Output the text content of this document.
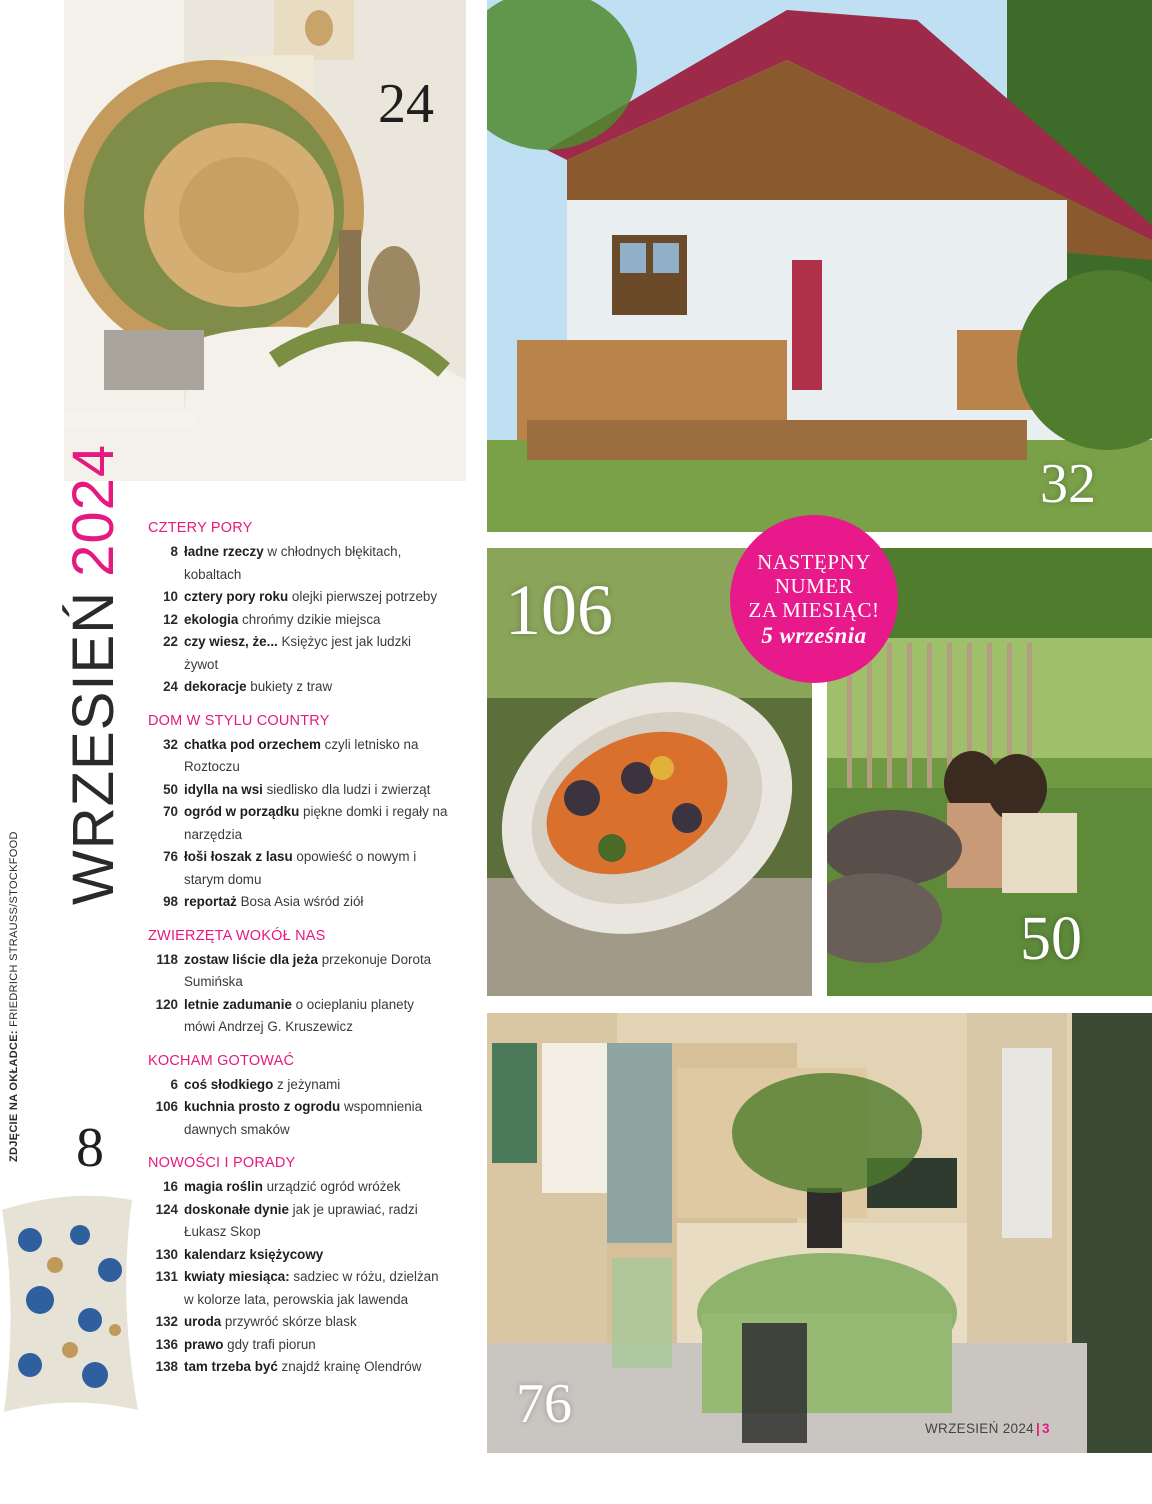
24
32
106
50
76
8
WRZESIEŃ2024
ZDJĘCIE NA OKŁADCE: FRIEDRICH STRAUSS/STOCKFOOD
CZTERY PORY
8 ładne rzeczy w chłodnych błękitach, kobaltach
10 cztery pory roku olejki pierwszej potrzeby
12 ekologia chrońmy dzikie miejsca
22 czy wiesz, że... Księżyc jest jak ludzki żywot
24 dekoracje bukiety z traw
DOM W STYLU COUNTRY
32 chatka pod orzechem czyli letnisko na Roztoczu
50 idylla na wsi siedlisko dla ludzi i zwierząt
70 ogród w porządku piękne domki i regały na narzędzia
76 łoši łoszak z lasu opowieść o nowym i starym domu
98 reportaż Bosa Asia wśród ziół
ZWIERZĘTA WOKÓŁ NAS
118 zostaw liście dla jeża przekonuje Dorota Sumińska
120 letnie zadumanie o ocieplaniu planety mówi Andrzej G. Kruszewicz
KOCHAM GOTOWAĆ
6 coś słodkiego z jeżynami
106 kuchnia prosto z ogrodu wspomnienia dawnych smaków
NOWOŚCI I PORADY
16 magia roślin urządzić ogród wróżek
124 doskonałe dynie jak je uprawiać, radzi Łukasz Skop
130 kalendarz księżycowy
131 kwiaty miesiąca: sadziec w różu, dzielżan w kolorze lata, perowskia jak lawenda
132 uroda przywróć skórze blask
136 prawo gdy trafi piorun
138 tam trzeba być znajdź krainę Olendrów
NASTĘPNY
NUMER
ZA MIESIĄC!
5 września
WRZESIEŃ 2024 | 3
